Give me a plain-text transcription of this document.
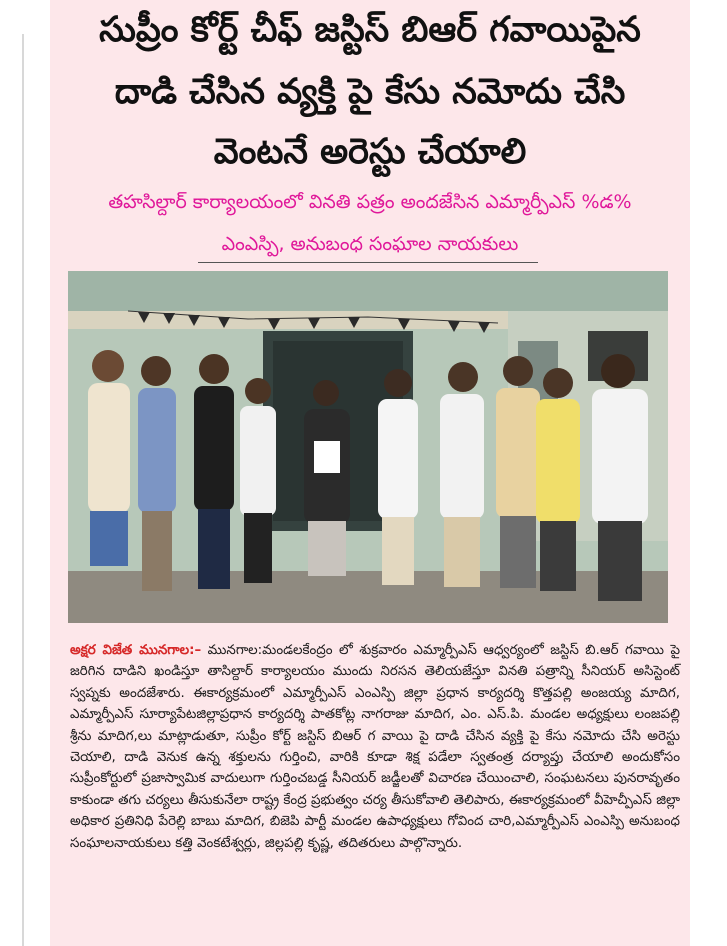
సుప్రీం కోర్ట్ చీఫ్ జస్టిస్ బిఆర్ గవాయిపైన
దాడి చేసిన వ్యక్తి పై కేసు నమోదు చేసి
వెంటనే అరెస్టు చేయాలి
తహసిల్దార్ కార్యాలయంలో వినతి పత్రం అందజేసిన ఎమ్మార్పీఎస్ %డ%
ఎంఎస్పి, అనుబంధ సంఘాల నాయకులు
అక్షర విజేత మునగాల:– మునగాల:మండలకేంద్రం లో శుక్రవారం ఎమ్మార్పీఎస్ ఆధ్వర్యంలో జస్టిస్ బి.ఆర్ గవాయి పై జరిగిన దాడిని ఖండిస్తూ తాసిల్దార్ కార్యాలయం ముందు నిరసన తెలియజేస్తూ వినతి పత్రాన్ని సీనియర్ అసిస్టెంట్ స్వప్నకు అందజేశారు. ఈకార్యక్రమంలో ఎమ్మార్పీఎస్ ఎంఎస్పి జిల్లా ప్రధాన కార్యదర్శి కొత్తపల్లి అంజయ్య మాదిగ, ఎమ్మార్పీఎస్ సూర్యాపేటజిల్లాప్రధాన కార్యదర్శి పాతకోట్ల నాగరాజు మాదిగ, ఎం. ఎస్.పి. మండల అధ్యక్షులు లంజపల్లి శ్రీను మాదిగ,లు మాట్లాడుతూ, సుప్రీం కోర్ట్ జస్టిస్ బిఆర్ గ వాయి పై దాడి చేసిన వ్యక్తి పై కేసు నమోదు చేసి అరెస్టు చెయాలి, దాడి వెనుక ఉన్న శక్తులను గుర్తించి, వారికి కూడా శిక్ష పడేలా స్వతంత్ర దర్యాప్తు చేయాలి అందుకోసం సుప్రీంకోర్టులో ప్రజాస్వామిక వాదులుగా గుర్తించబడ్డ సీనియర్ జడ్జీలతో విచారణ చేయించాలి, సంఘటనలు పునరావృతం కాకుండా తగు చర్యలు తీసుకునేలా రాష్ట్ర కేంద్ర ప్రభుత్వం చర్య తీసుకోవాలి తెలిపారు, ఈకార్యక్రమంలో వీహెచ్పీఎస్ జిల్లా అధికార ప్రతినిధి పేరెల్లి బాబు మాదిగ, బిజెపి పార్టీ మండల ఉపాధ్యక్షులు గోవింద చారి,ఎమ్మార్పీఎస్ ఎంఎస్పి అనుబంధ సంఘాలనాయకులు కత్తి వెంకటేశ్వర్లు, జిల్లపల్లి కృష్ణ, తదితరులు పాల్గొన్నారు.
